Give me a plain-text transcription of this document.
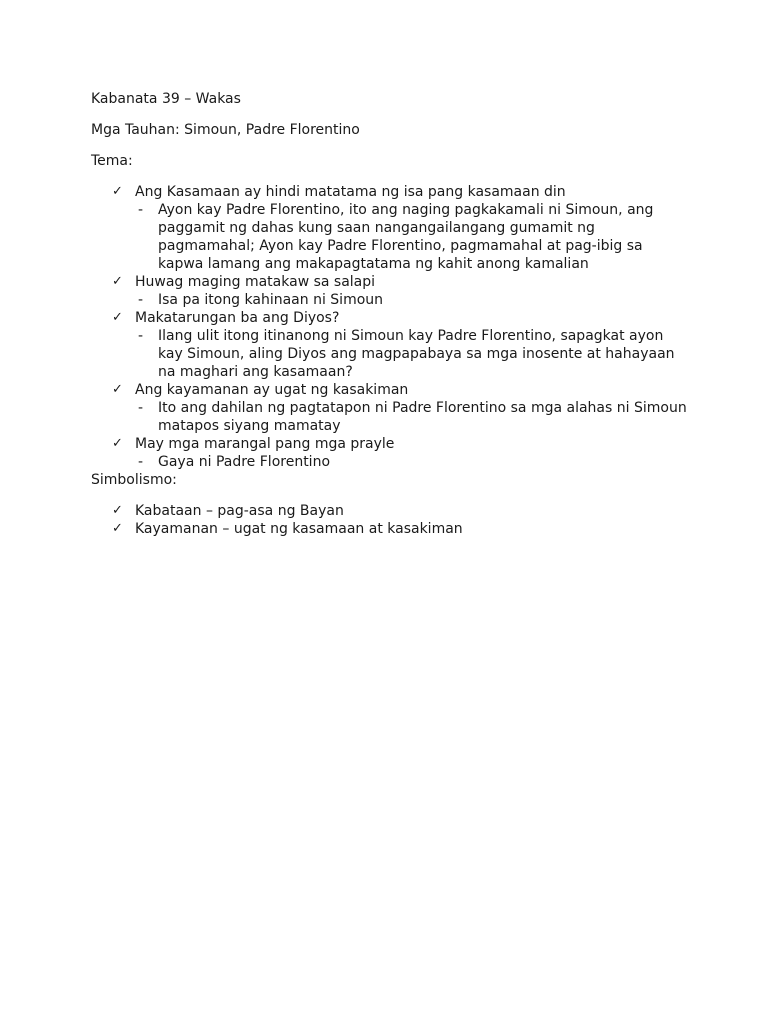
Kabanata 39 – Wakas

Mga Tauhan: Simoun, Padre Florentino

Tema:

✓ Ang Kasamaan ay hindi matatama ng isa pang kasamaan din
- Ayon kay Padre Florentino, ito ang naging pagkakamali ni Simoun, ang paggamit ng dahas kung saan nangangailangang gumamit ng pagmamahal; Ayon kay Padre Florentino, pagmamahal at pag-ibig sa kapwa lamang ang makapagtatama ng kahit anong kamalian
✓ Huwag maging matakaw sa salapi
- Isa pa itong kahinaan ni Simoun
✓ Makatarungan ba ang Diyos?
- Ilang ulit itong itinanong ni Simoun kay Padre Florentino, sapagkat ayon kay Simoun, aling Diyos ang magpapabaya sa mga inosente at hahayaan na maghari ang kasamaan?
✓ Ang kayamanan ay ugat ng kasakiman
- Ito ang dahilan ng pagtatapon ni Padre Florentino sa mga alahas ni Simoun matapos siyang mamatay
✓ May mga marangal pang mga prayle
- Gaya ni Padre Florentino

Simbolismo:

✓ Kabataan – pag-asa ng Bayan
✓ Kayamanan – ugat ng kasamaan at kasakiman
